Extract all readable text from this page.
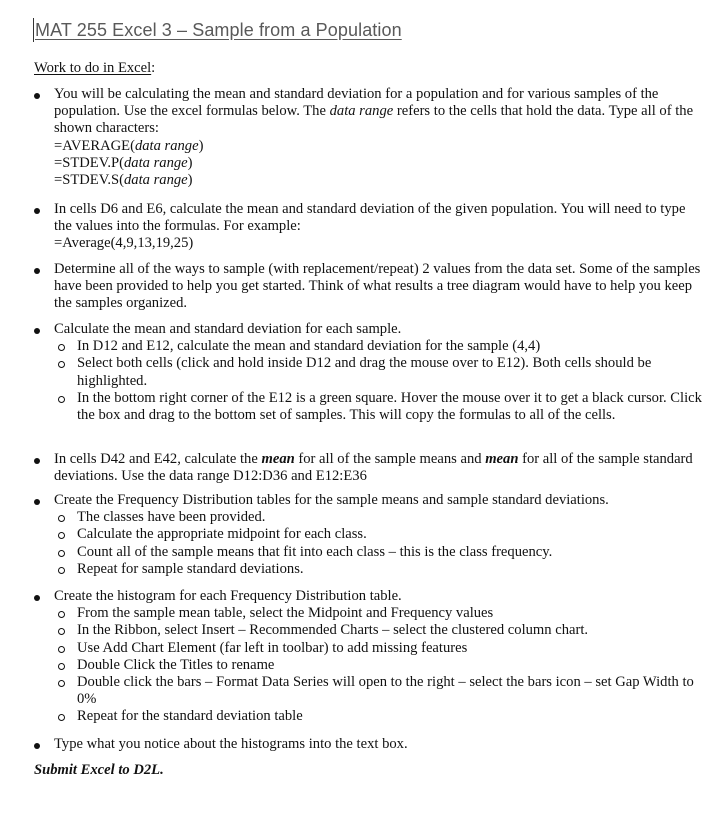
MAT 255 Excel 3 – Sample from a Population
Work to do in Excel:

You will be calculating the mean and standard deviation for a population and for various samples of the population. Use the excel formulas below. The data range refers to the cells that hold the data. Type all of the shown characters:

=AVERAGE(data range)

=STDEV.P(data range)

=STDEV.S(data range)

In cells D6 and E6, calculate the mean and standard deviation of the given population. You will need to type the values into the formulas. For example:

=Average(4,9,13,19,25)

Determine all of the ways to sample (with replacement/repeat) 2 values from the data set. Some of the samples have been provided to help you get started. Think of what results a tree diagram would have to help you keep the samples organized.

Calculate the mean and standard deviation for each sample.

In D12 and E12, calculate the mean and standard deviation for the sample (4,4)
Select both cells (click and hold inside D12 and drag the mouse over to E12). Both cells should be highlighted.
In the bottom right corner of the E12 is a green square. Hover the mouse over it to get a black cursor. Click the box and drag to the bottom set of samples. This will copy the formulas to all of the cells.

In cells D42 and E42, calculate the mean for all of the sample means and mean for all of the sample standard deviations. Use the data range D12:D36 and E12:E36

Create the Frequency Distribution tables for the sample means and sample standard deviations.

The classes have been provided.
Calculate the appropriate midpoint for each class.
Count all of the sample means that fit into each class – this is the class frequency.
Repeat for sample standard deviations.

Create the histogram for each Frequency Distribution table.

From the sample mean table, select the Midpoint and Frequency values
In the Ribbon, select Insert – Recommended Charts – select the clustered column chart.
Use Add Chart Element (far left in toolbar) to add missing features
Double Click the Titles to rename
Double click the bars – Format Data Series will open to the right – select the bars icon – set Gap Width to 0%
Repeat for the standard deviation table

Type what you notice about the histograms into the text box.

Submit Excel to D2L.
